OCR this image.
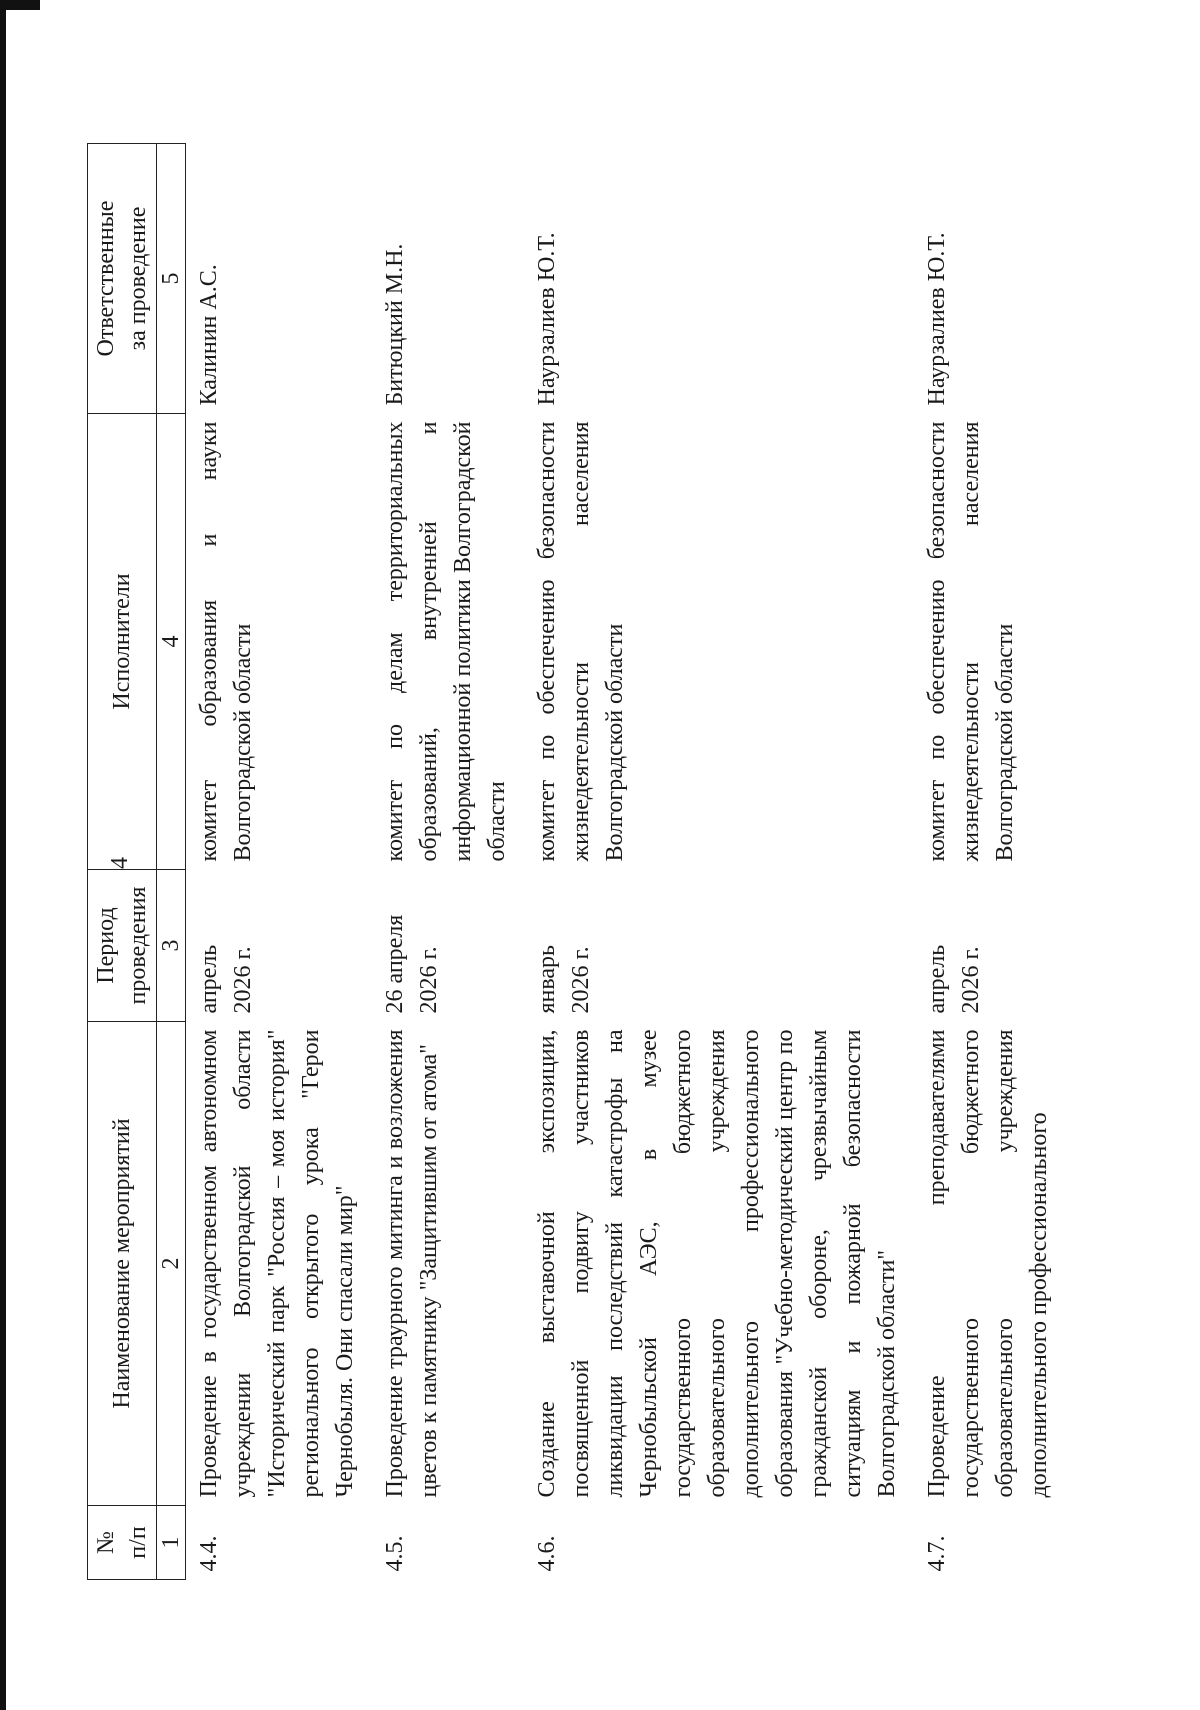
4
№ п/п	Наименование мероприятий	Период проведения	Исполнители	Ответственные за проведение
1	2	3	4	5
4.4.	Проведение в государственном автономном учреждении Волгоградской области "Исторический парк "Россия – моя история" регионального открытого урока "Герои Чернобыля. Они спасали мир"	апрель 2026 г.	комитет образования и науки Волгоградской области	Калинин А.С.
4.5.	Проведение траурного митинга и возложения цветов к памятнику "Защитившим от атома"	26 апреля 2026 г.	комитет по делам территориальных образований, внутренней и информационной политики Волгоградской области	Битюцкий М.Н.
4.6.	Создание выставочной экспозиции, посвященной подвигу участников ликвидации последствий катастрофы на Чернобыльской АЭС, в музее государственного бюджетного образовательного учреждения дополнительного профессионального образования "Учебно-методический центр по гражданской обороне, чрезвычайным ситуациям и пожарной безопасности Волгоградской области"	январь 2026 г.	комитет по обеспечению безопасности жизнедеятельности населения Волгоградской области	Наурзалиев Ю.Т.
4.7.	Проведение преподавателями государственного бюджетного образовательного учреждения дополнительного профессионального	апрель 2026 г.	комитет по обеспечению безопасности жизнедеятельности населения Волгоградской области	Наурзалиев Ю.Т.
